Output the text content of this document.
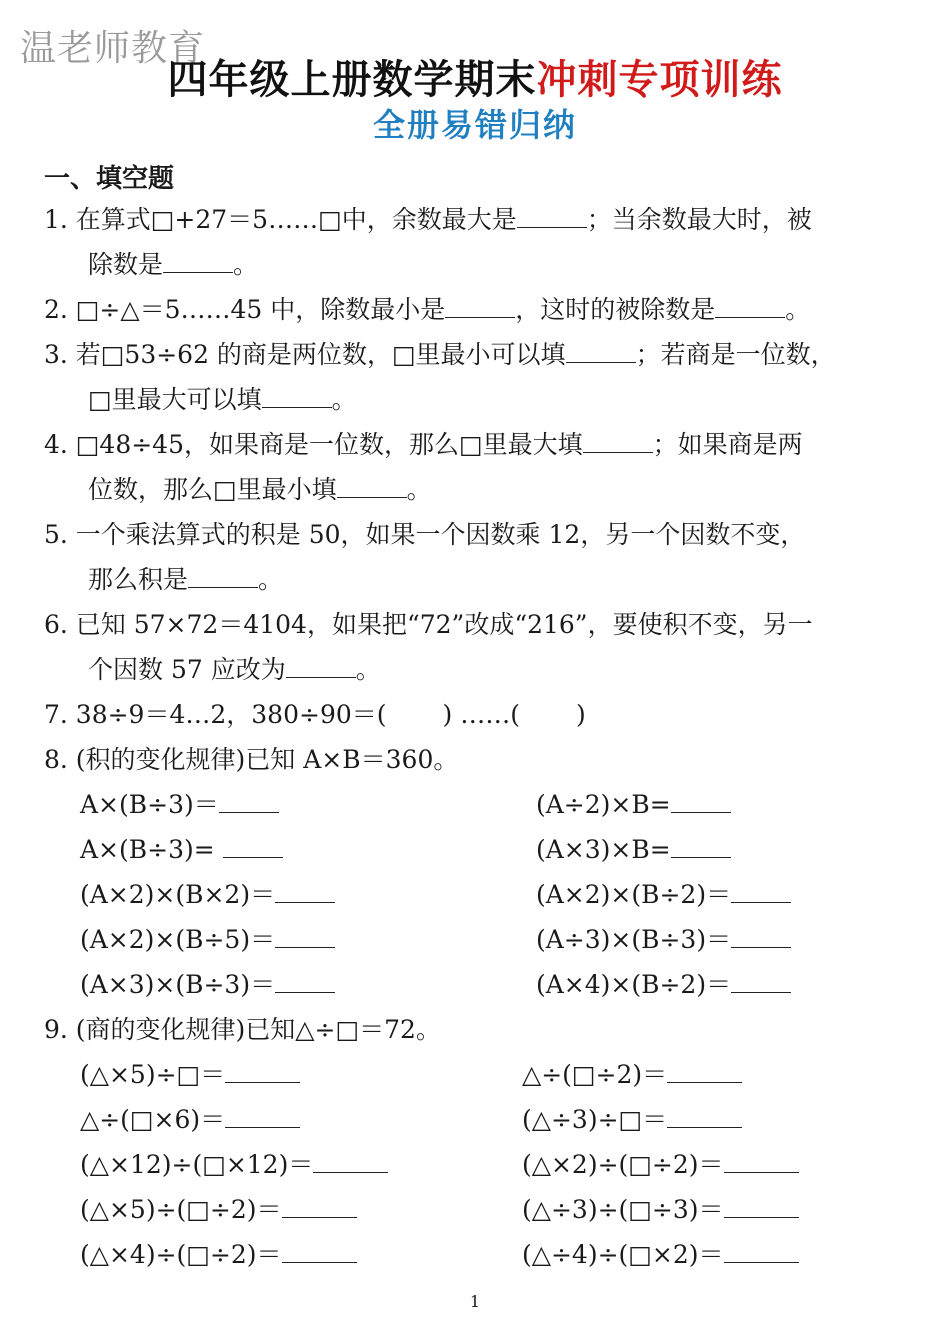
温老师教育
四年级上册数学期末冲刺专项训练
全册易错归纳
一、填空题
1. 在算式□+27＝5……□中，余数最大是	；当余数最大时，被
除数是	。
2. □÷△＝5……45 中，除数最小是	，这时的被除数是	。
3. 若□53÷62 的商是两位数，□里最小可以填	；若商是一位数，
□里最大可以填	。
4. □48÷45，如果商是一位数，那么□里最大填	；如果商是两
位数，那么□里最小填	。
5. 一个乘法算式的积是 50，如果一个因数乘 12，另一个因数不变，
那么积是	。
6. 已知 57×72＝4104，如果把“72”改成“216”，要使积不变，另一
个因数 57 应改为	。
7. 38÷9＝4…2，380÷90＝( ) ……( )
8. (积的变化规律)已知 A×B＝360。
A×(B÷3)＝	(A÷2)×B=
A×(B÷3)=	(A×3)×B=
(A×2)×(B×2)＝	(A×2)×(B÷2)＝
(A×2)×(B÷5)＝	(A÷3)×(B÷3)＝
(A×3)×(B÷3)＝	(A×4)×(B÷2)＝
9. (商的变化规律)已知△÷□＝72。
(△×5)÷□＝	△÷(□÷2)＝
△÷(□×6)＝	(△÷3)÷□＝
(△×12)÷(□×12)＝	(△×2)÷(□÷2)＝
(△×5)÷(□÷2)＝	(△÷3)÷(□÷3)＝
(△×4)÷(□÷2)＝	(△÷4)÷(□×2)＝
1
